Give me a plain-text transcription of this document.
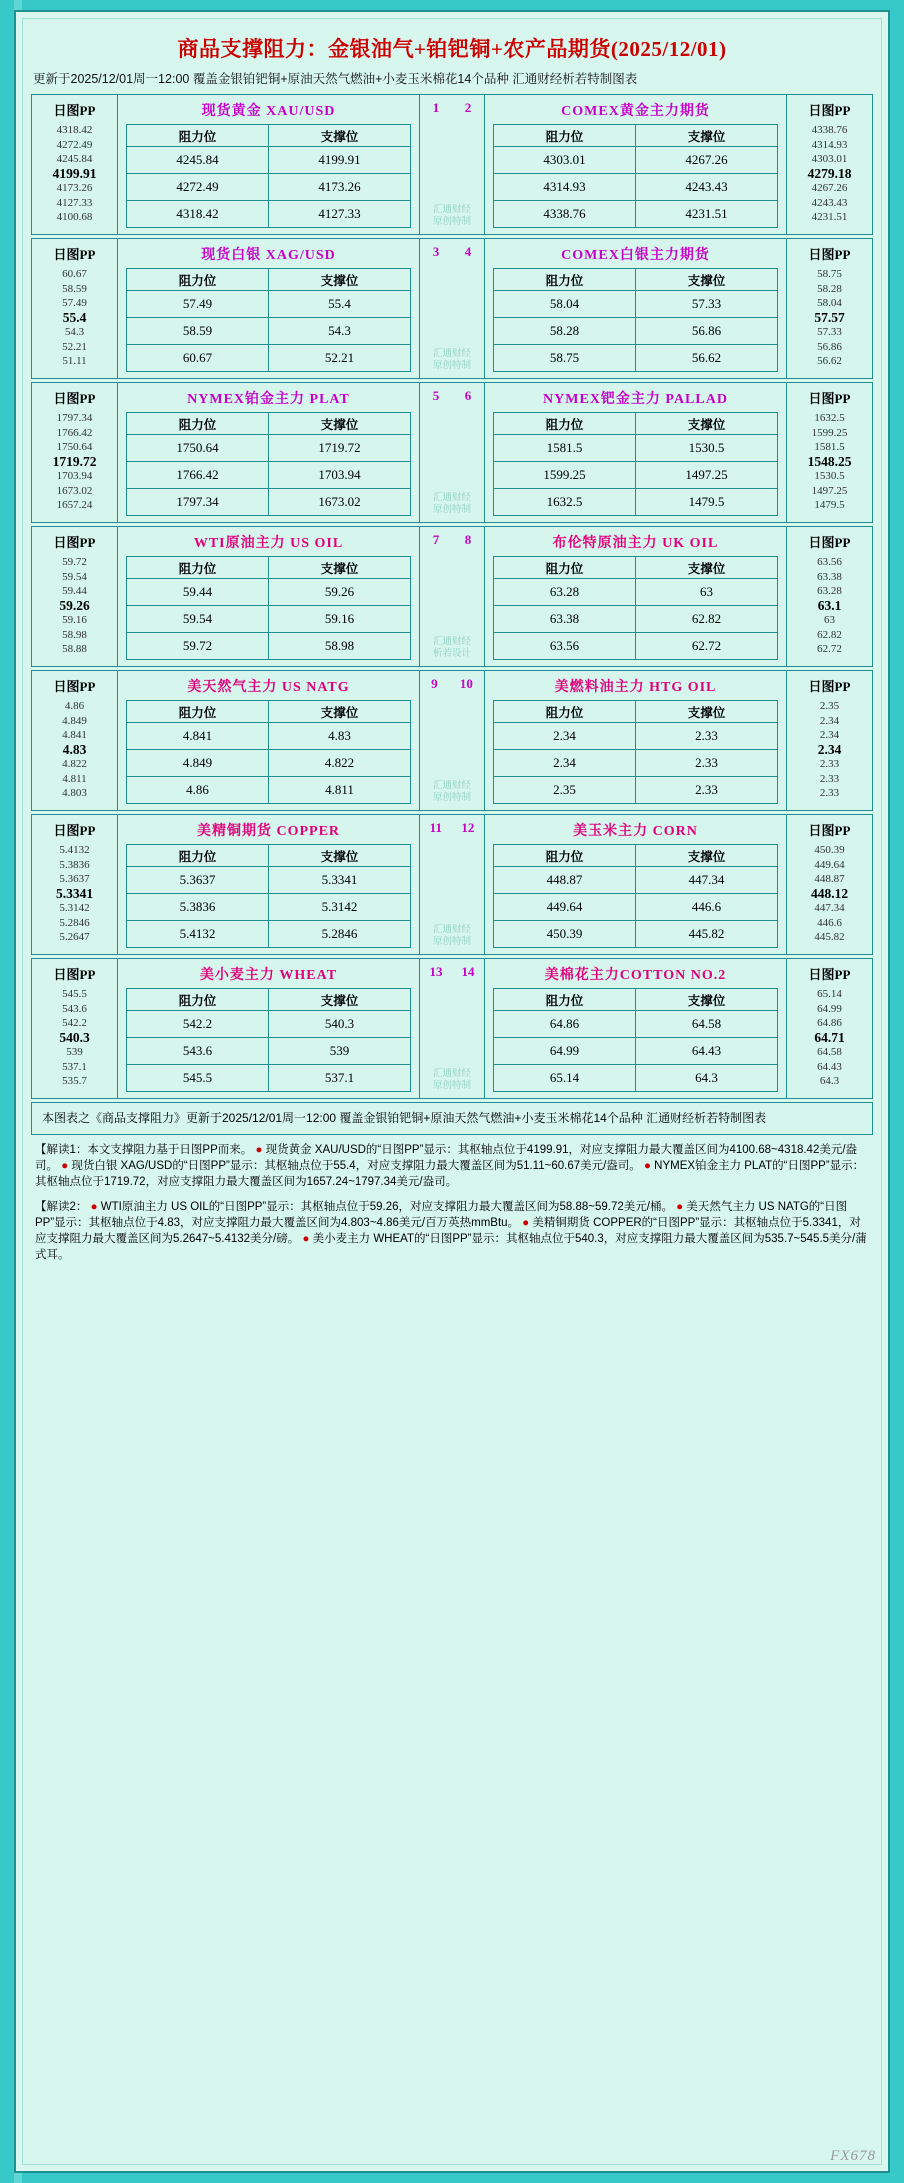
商品支撑阻力：金银油气+铂钯铜+农产品期货(2025/12/01)
更新于2025/12/01周一12:00 覆盖金银铂钯铜+原油天然气燃油+小麦玉米棉花14个品种 汇通财经析若特制图表
日图PP
4318.42
4272.49
4245.84
4199.91
4173.26
4127.33
4100.68
现货黄金 XAU/USD
阻力位	支撑位
4245.84	4199.91
4272.49	4173.26
4318.42	4127.33
1 2
汇通财经
原创特制
COMEX黄金主力期货
阻力位	支撑位
4303.01	4267.26
4314.93	4243.43
4338.76	4231.51
日图PP
4338.76
4314.93
4303.01
4279.18
4267.26
4243.43
4231.51
日图PP
60.67
58.59
57.49
55.4
54.3
52.21
51.11
现货白银 XAG/USD
阻力位	支撑位
57.49	55.4
58.59	54.3
60.67	52.21
3 4
汇通财经
原创特制
COMEX白银主力期货
阻力位	支撑位
58.04	57.33
58.28	56.86
58.75	56.62
日图PP
58.75
58.28
58.04
57.57
57.33
56.86
56.62
日图PP
1797.34
1766.42
1750.64
1719.72
1703.94
1673.02
1657.24
NYMEX铂金主力 PLAT
阻力位	支撑位
1750.64	1719.72
1766.42	1703.94
1797.34	1673.02
5 6
汇通财经
原创特制
NYMEX钯金主力 PALLAD
阻力位	支撑位
1581.5	1530.5
1599.25	1497.25
1632.5	1479.5
日图PP
1632.5
1599.25
1581.5
1548.25
1530.5
1497.25
1479.5
日图PP
59.72
59.54
59.44
59.26
59.16
58.98
58.88
WTI原油主力 US OIL
阻力位	支撑位
59.44	59.26
59.54	59.16
59.72	58.98
7 8
汇通财经
析若设计
布伦特原油主力 UK OIL
阻力位	支撑位
63.28	63
63.38	62.82
63.56	62.72
日图PP
63.56
63.38
63.28
63.1
63
62.82
62.72
日图PP
4.86
4.849
4.841
4.83
4.822
4.811
4.803
美天然气主力 US NATG
阻力位	支撑位
4.841	4.83
4.849	4.822
4.86	4.811
9 10
汇通财经
原创特制
美燃料油主力 HTG OIL
阻力位	支撑位
2.34	2.33
2.34	2.33
2.35	2.33
日图PP
2.35
2.34
2.34
2.34
2.33
2.33
2.33
日图PP
5.4132
5.3836
5.3637
5.3341
5.3142
5.2846
5.2647
美精铜期货 COPPER
阻力位	支撑位
5.3637	5.3341
5.3836	5.3142
5.4132	5.2846
11 12
汇通财经
原创特制
美玉米主力 CORN
阻力位	支撑位
448.87	447.34
449.64	446.6
450.39	445.82
日图PP
450.39
449.64
448.87
448.12
447.34
446.6
445.82
日图PP
545.5
543.6
542.2
540.3
539
537.1
535.7
美小麦主力 WHEAT
阻力位	支撑位
542.2	540.3
543.6	539
545.5	537.1
13 14
汇通财经
原创特制
美棉花主力COTTON NO.2
阻力位	支撑位
64.86	64.58
64.99	64.43
65.14	64.3
日图PP
65.14
64.99
64.86
64.71
64.58
64.43
64.3
本图表之《商品支撑阻力》更新于2025/12/01周一12:00 覆盖金银铂钯铜+原油天然气燃油+小麦玉米棉花14个品种 汇通财经析若特制图表

【解读1：本文支撑阻力基于日图PP而来。 ● 现货黄金 XAU/USD的“日图PP”显示：其枢轴点位于4199.91，对应支撑阻力最大覆盖区间为4100.68~4318.42美元/盎司。 ● 现货白银 XAG/USD的“日图PP”显示：其枢轴点位于55.4，对应支撑阻力最大覆盖区间为51.11~60.67美元/盎司。 ● NYMEX铂金主力 PLAT的“日图PP”显示：其枢轴点位于1719.72，对应支撑阻力最大覆盖区间为1657.24~1797.34美元/盎司。

【解读2： ● WTI原油主力 US OIL的“日图PP”显示：其枢轴点位于59.26，对应支撑阻力最大覆盖区间为58.88~59.72美元/桶。 ● 美天然气主力 US NATG的“日图PP”显示：其枢轴点位于4.83，对应支撑阻力最大覆盖区间为4.803~4.86美元/百万英热mmBtu。 ● 美精铜期货 COPPER的“日图PP”显示：其枢轴点位于5.3341，对应支撑阻力最大覆盖区间为5.2647~5.4132美分/磅。 ● 美小麦主力 WHEAT的“日图PP”显示：其枢轴点位于540.3，对应支撑阻力最大覆盖区间为535.7~545.5美分/蒲式耳。

FX678
